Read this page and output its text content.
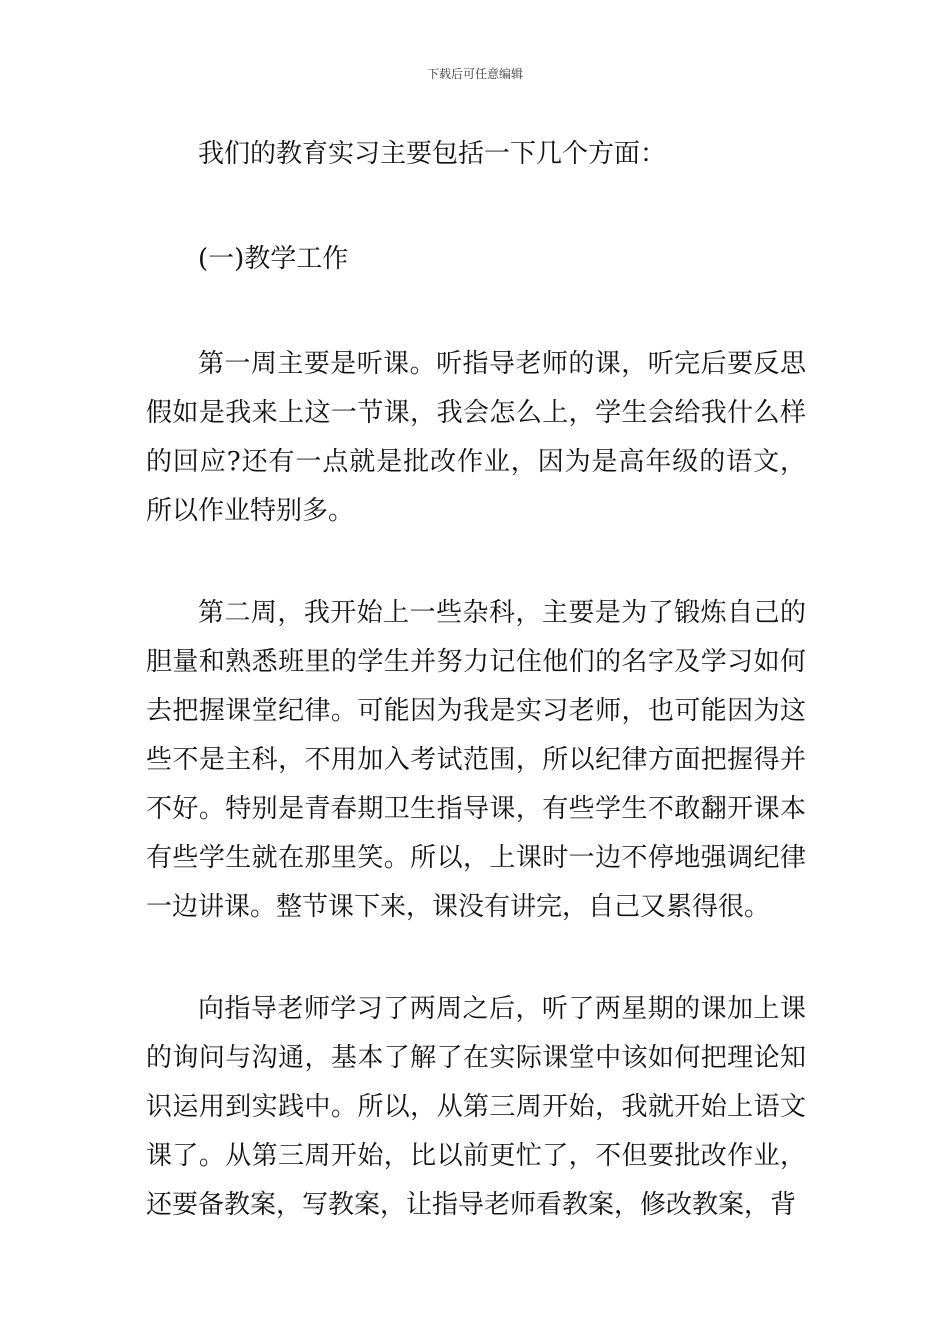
下载后可任意编辑

我们的教育实习主要包括一下几个方面：

(一)教学工作

第一周主要是听课。听指导老师的课，听完后要反思假如是我来上这一节课，我会怎么上，学生会给我什么样的回应?还有一点就是批改作业，因为是高年级的语文，所以作业特别多。

第二周，我开始上一些杂科，主要是为了锻炼自己的胆量和熟悉班里的学生并努力记住他们的名字及学习如何去把握课堂纪律。可能因为我是实习老师，也可能因为这些不是主科，不用加入考试范围，所以纪律方面把握得并不好。特别是青春期卫生指导课，有些学生不敢翻开课本有些学生就在那里笑。所以，上课时一边不停地强调纪律一边讲课。整节课下来，课没有讲完，自己又累得很。

向指导老师学习了两周之后，听了两星期的课加上课的询问与沟通，基本了解了在实际课堂中该如何把理论知识运用到实践中。所以，从第三周开始，我就开始上语文课了。从第三周开始，比以前更忙了，不但要批改作业，还要备教案，写教案，让指导老师看教案，修改教案，背
